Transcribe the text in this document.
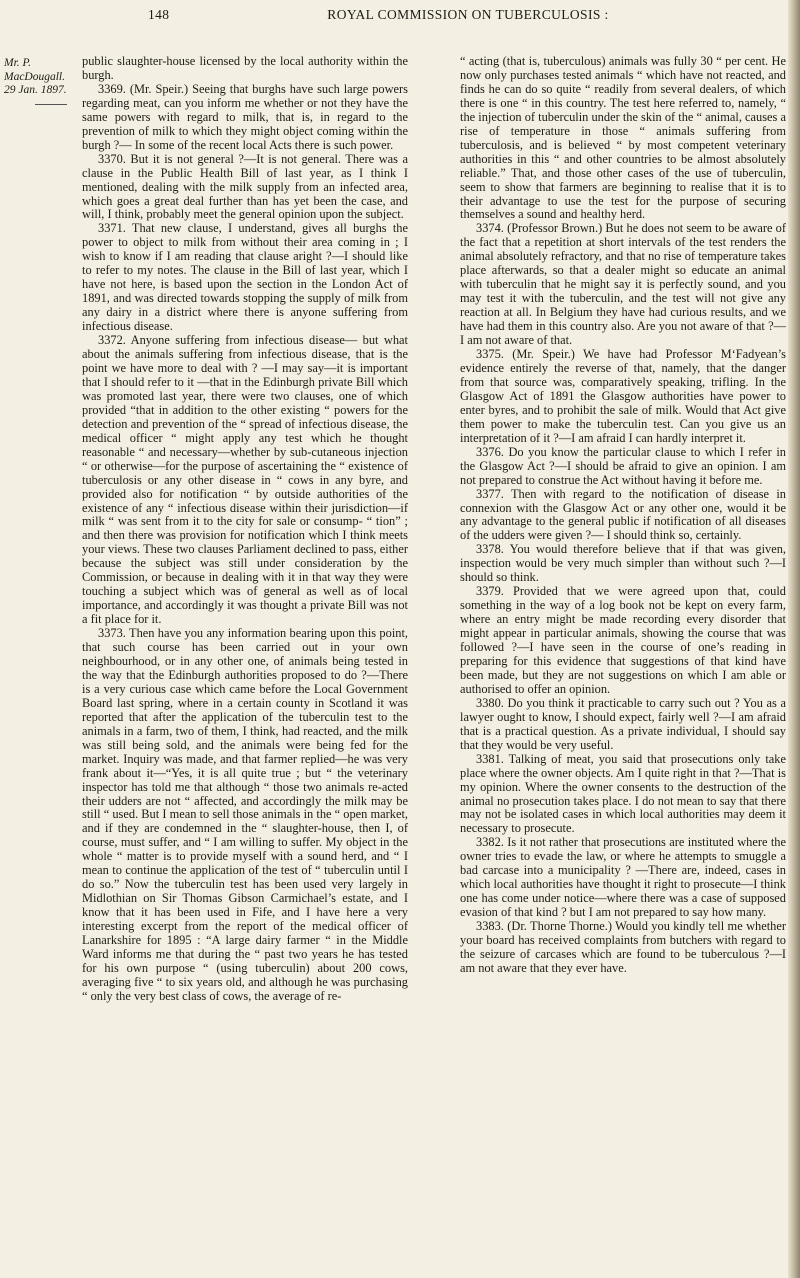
148	ROYAL COMMISSION ON TUBERCULOSIS :
Mr. P. MacDougall.
29 Jan. 1897.

public slaughter-house licensed by the local authority within the burgh.

3369. (Mr. Speir.) Seeing that burghs have such large powers regarding meat, can you inform me whether or not they have the same powers with regard to milk, that is, in regard to the prevention of milk to which they might object coming within the burgh ?— In some of the recent local Acts there is such power.

3370. But it is not general ?—It is not general. There was a clause in the Public Health Bill of last year, as I think I mentioned, dealing with the milk supply from an infected area, which goes a great deal further than has yet been the case, and will, I think, probably meet the general opinion upon the subject.

3371. That new clause, I understand, gives all burghs the power to object to milk from without their area coming in ; I wish to know if I am reading that clause aright ?—I should like to refer to my notes. The clause in the Bill of last year, which I have not here, is based upon the section in the London Act of 1891, and was directed towards stopping the supply of milk from any dairy in a district where there is anyone suffering from infectious disease.

3372. Anyone suffering from infectious disease— but what about the animals suffering from infectious disease, that is the point we have more to deal with ? —I may say—it is important that I should refer to it —that in the Edinburgh private Bill which was promoted last year, there were two clauses, one of which provided “that in addition to the other existing “ powers for the detection and prevention of the “ spread of infectious disease, the medical officer “ might apply any test which he thought reasonable “ and necessary—whether by sub-cutaneous injection “ or otherwise—for the purpose of ascertaining the “ existence of tuberculosis or any other disease in “ cows in any byre, and provided also for notification “ by outside authorities of the existence of any “ infectious disease within their jurisdiction—if milk “ was sent from it to the city for sale or consump- “ tion” ; and then there was provision for notification which I think meets your views. These two clauses Parliament declined to pass, either because the subject was still under consideration by the Commission, or because in dealing with it in that way they were touching a subject which was of general as well as of local importance, and accordingly it was thought a private Bill was not a fit place for it.

3373. Then have you any information bearing upon this point, that such course has been carried out in your own neighbourhood, or in any other one, of animals being tested in the way that the Edinburgh authorities proposed to do ?—There is a very curious case which came before the Local Government Board last spring, where in a certain county in Scotland it was reported that after the application of the tuberculin test to the animals in a farm, two of them, I think, had reacted, and the milk was still being sold, and the animals were being fed for the market. Inquiry was made, and that farmer replied—he was very frank about it—“Yes, it is all quite true ; but “ the veterinary inspector has told me that although “ those two animals re-acted their udders are not “ affected, and accordingly the milk may be still “ used. But I mean to sell those animals in the “ open market, and if they are condemned in the “ slaughter-house, then I, of course, must suffer, and “ I am willing to suffer. My object in the whole “ matter is to provide myself with a sound herd, and “ I mean to continue the application of the test of “ tuberculin until I do so.” Now the tuberculin test has been used very largely in Midlothian on Sir Thomas Gibson Carmichael’s estate, and I know that it has been used in Fife, and I have here a very interesting excerpt from the report of the medical officer of Lanarkshire for 1895 : “A large dairy farmer “ in the Middle Ward informs me that during the “ past two years he has tested for his own purpose “ (using tuberculin) about 200 cows, averaging five “ to six years old, and although he was purchasing “ only the very best class of cows, the average of re-

“ acting (that is, tuberculous) animals was fully 30 “ per cent. He now only purchases tested animals “ which have not reacted, and finds he can do so quite “ readily from several dealers, of which there is one “ in this country. The test here referred to, namely, “ the injection of tuberculin under the skin of the “ animal, causes a rise of temperature in those “ animals suffering from tuberculosis, and is believed “ by most competent veterinary authorities in this “ and other countries to be almost absolutely reliable.” That, and those other cases of the use of tuberculin, seem to show that farmers are beginning to realise that it is to their advantage to use the test for the purpose of securing themselves a sound and healthy herd.

3374. (Professor Brown.) But he does not seem to be aware of the fact that a repetition at short intervals of the test renders the animal absolutely refractory, and that no rise of temperature takes place afterwards, so that a dealer might so educate an animal with tuberculin that he might say it is perfectly sound, and you may test it with the tuberculin, and the test will not give any reaction at all. In Belgium they have had curious results, and we have had them in this country also. Are you not aware of that ?—I am not aware of that.

3375. (Mr. Speir.) We have had Professor M‘Fadyean’s evidence entirely the reverse of that, namely, that the danger from that source was, comparatively speaking, trifling. In the Glasgow Act of 1891 the Glasgow authorities have power to enter byres, and to prohibit the sale of milk. Would that Act give them power to make the tuberculin test. Can you give us an interpretation of it ?—I am afraid I can hardly interpret it.

3376. Do you know the particular clause to which I refer in the Glasgow Act ?—I should be afraid to give an opinion. I am not prepared to construe the Act without having it before me.

3377. Then with regard to the notification of disease in connexion with the Glasgow Act or any other one, would it be any advantage to the general public if notification of all diseases of the udders were given ?— I should think so, certainly.

3378. You would therefore believe that if that was given, inspection would be very much simpler than without such ?—I should so think.

3379. Provided that we were agreed upon that, could something in the way of a log book not be kept on every farm, where an entry might be made recording every disorder that might appear in particular animals, showing the course that was followed ?—I have seen in the course of one’s reading in preparing for this evidence that suggestions of that kind have been made, but they are not suggestions on which I am able or authorised to offer an opinion.

3380. Do you think it practicable to carry such out ? You as a lawyer ought to know, I should expect, fairly well ?—I am afraid that is a practical question. As a private individual, I should say that they would be very useful.

3381. Talking of meat, you said that prosecutions only take place where the owner objects. Am I quite right in that ?—That is my opinion. Where the owner consents to the destruction of the animal no prosecution takes place. I do not mean to say that there may not be isolated cases in which local authorities may deem it necessary to prosecute.

3382. Is it not rather that prosecutions are instituted where the owner tries to evade the law, or where he attempts to smuggle a bad carcase into a municipality ? —There are, indeed, cases in which local authorities have thought it right to prosecute—I think one has come under notice—where there was a case of supposed evasion of that kind ? but I am not prepared to say how many.

3383. (Dr. Thorne Thorne.) Would you kindly tell me whether your board has received complaints from butchers with regard to the seizure of carcases which are found to be tuberculous ?—I am not aware that they ever have.
